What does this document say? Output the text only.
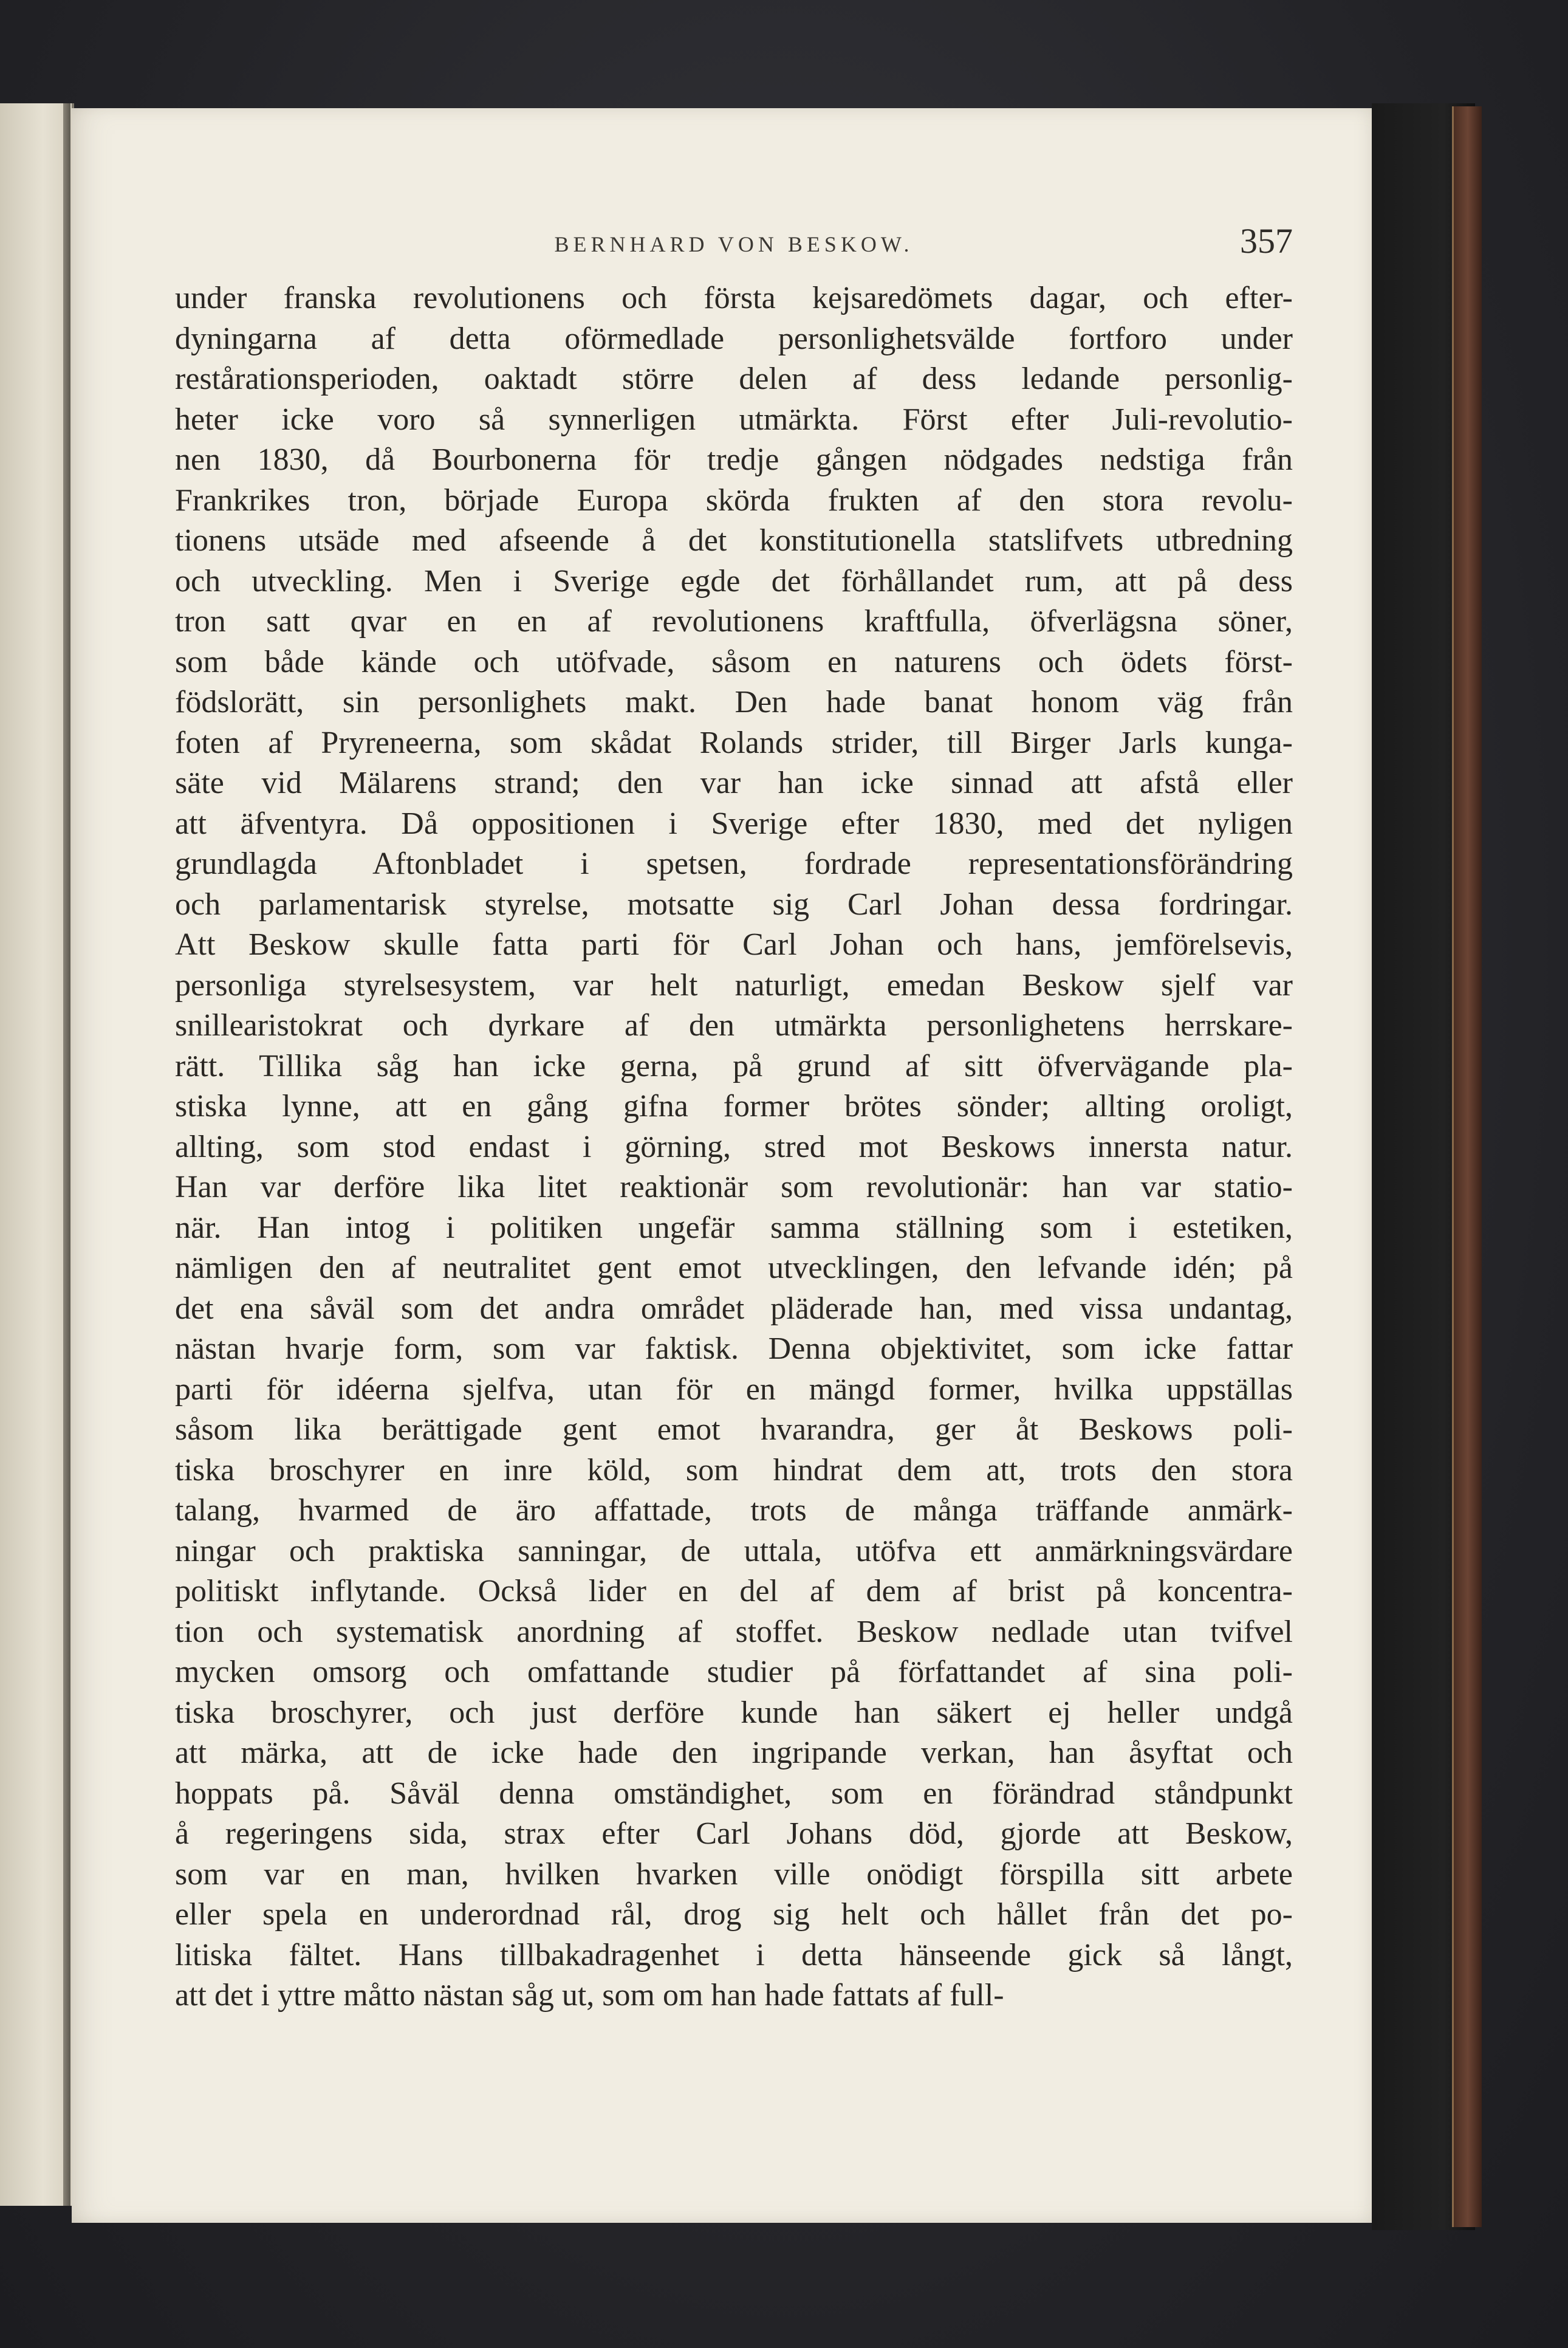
BERNHARD VON BESKOW.	357
under franska revolutionens och första kejsaredömets dagar, och efter-
dyningarna af detta oförmedlade personlighetsvälde fortforo under
restårationsperioden, oaktadt större delen af dess ledande personlig-
heter icke voro så synnerligen utmärkta. Först efter Juli-revolutio-
nen 1830, då Bourbonerna för tredje gången nödgades nedstiga från
Frankrikes tron, började Europa skörda frukten af den stora revolu-
tionens utsäde med afseende å det konstitutionella statslifvets utbredning
och utveckling. Men i Sverige egde det förhållandet rum, att på dess
tron satt qvar en en af revolutionens kraftfulla, öfverlägsna söner,
som både kände och utöfvade, såsom en naturens och ödets först-
födslorätt, sin personlighets makt. Den hade banat honom väg från
foten af Pryreneerna, som skådat Rolands strider, till Birger Jarls kunga-
säte vid Mälarens strand; den var han icke sinnad att afstå eller
att äfventyra. Då oppositionen i Sverige efter 1830, med det nyligen
grundlagda Aftonbladet i spetsen, fordrade representationsförändring
och parlamentarisk styrelse, motsatte sig Carl Johan dessa fordringar.
Att Beskow skulle fatta parti för Carl Johan och hans, jemförelsevis,
personliga styrelsesystem, var helt naturligt, emedan Beskow sjelf var
snillearistokrat och dyrkare af den utmärkta personlighetens herrskare-
rätt. Tillika såg han icke gerna, på grund af sitt öfvervägande pla-
stiska lynne, att en gång gifna former brötes sönder; allting oroligt,
allting, som stod endast i görning, stred mot Beskows innersta natur.
Han var derföre lika litet reaktionär som revolutionär: han var statio-
när. Han intog i politiken ungefär samma ställning som i estetiken,
nämligen den af neutralitet gent emot utvecklingen, den lefvande idén; på
det ena såväl som det andra området pläderade han, med vissa undantag,
nästan hvarje form, som var faktisk. Denna objektivitet, som icke fattar
parti för idéerna sjelfva, utan för en mängd former, hvilka uppställas
såsom lika berättigade gent emot hvarandra, ger åt Beskows poli-
tiska broschyrer en inre köld, som hindrat dem att, trots den stora
talang, hvarmed de äro affattade, trots de många träffande anmärk-
ningar och praktiska sanningar, de uttala, utöfva ett anmärkningsvärdare
politiskt inflytande. Också lider en del af dem af brist på koncentra-
tion och systematisk anordning af stoffet. Beskow nedlade utan tvifvel
mycken omsorg och omfattande studier på författandet af sina poli-
tiska broschyrer, och just derföre kunde han säkert ej heller undgå
att märka, att de icke hade den ingripande verkan, han åsyftat och
hoppats på. Såväl denna omständighet, som en förändrad ståndpunkt
å regeringens sida, strax efter Carl Johans död, gjorde att Beskow,
som var en man, hvilken hvarken ville onödigt förspilla sitt arbete
eller spela en underordnad rål, drog sig helt och hållet från det po-
litiska fältet. Hans tillbakadragenhet i detta hänseende gick så långt,
att det i yttre måtto nästan såg ut, som om han hade fattats af full-
